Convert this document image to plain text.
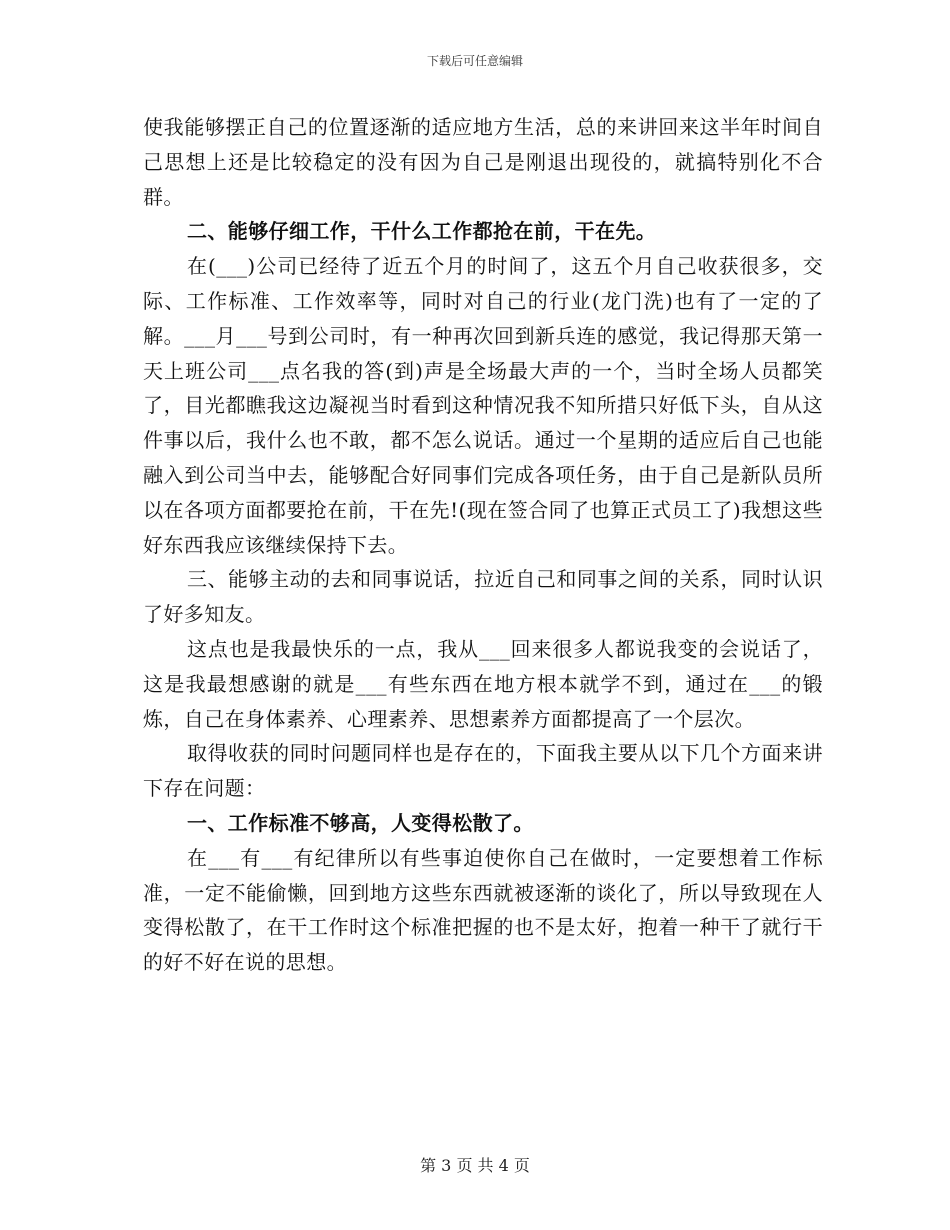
下载后可任意编辑

使我能够摆正自己的位置逐渐的适应地方生活，总的来讲回来这半年时间自己思想上还是比较稳定的没有因为自己是刚退出现役的，就搞特别化不合群。

二、能够仔细工作，干什么工作都抢在前，干在先。

在(___)公司已经待了近五个月的时间了，这五个月自己收获很多，交际、工作标准、工作效率等，同时对自己的行业(龙门洗)也有了一定的了解。___月___号到公司时，有一种再次回到新兵连的感觉，我记得那天第一天上班公司___点名我的答(到)声是全场最大声的一个，当时全场人员都笑了，目光都瞧我这边凝视当时看到这种情况我不知所措只好低下头，自从这件事以后，我什么也不敢，都不怎么说话。通过一个星期的适应后自己也能融入到公司当中去，能够配合好同事们完成各项任务，由于自己是新队员所以在各项方面都要抢在前，干在先!(现在签合同了也算正式员工了)我想这些好东西我应该继续保持下去。

三、能够主动的去和同事说话，拉近自己和同事之间的关系，同时认识了好多知友。

这点也是我最快乐的一点，我从___回来很多人都说我变的会说话了，这是我最想感谢的就是___有些东西在地方根本就学不到，通过在___的锻炼，自己在身体素养、心理素养、思想素养方面都提高了一个层次。

取得收获的同时问题同样也是存在的，下面我主要从以下几个方面来讲下存在问题：

一、工作标准不够高，人变得松散了。

在___有___有纪律所以有些事迫使你自己在做时，一定要想着工作标准，一定不能偷懒，回到地方这些东西就被逐渐的谈化了，所以导致现在人变得松散了，在干工作时这个标准把握的也不是太好，抱着一种干了就行干的好不好在说的思想。

第 3 页 共 4 页
